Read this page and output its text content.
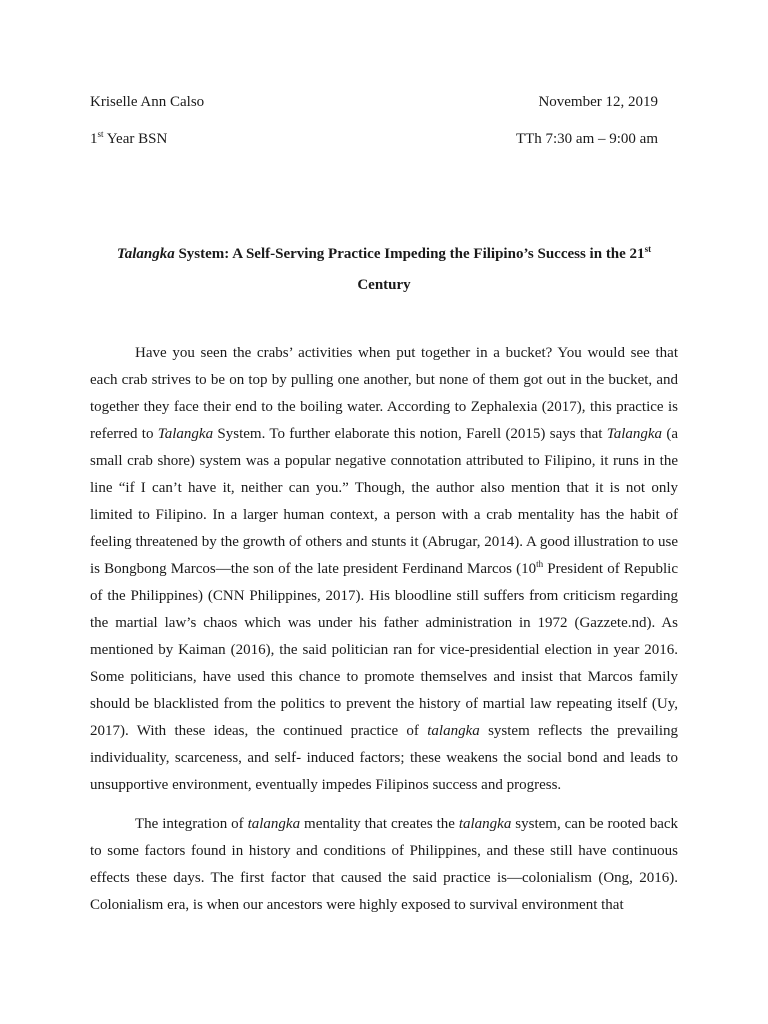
Kriselle Ann Calso	November 12, 2019
1st Year BSN	TTh 7:30 am – 9:00 am
Talangka System: A Self-Serving Practice Impeding the Filipino’s Success in the 21st Century

Have you seen the crabs’ activities when put together in a bucket? You would see that each crab strives to be on top by pulling one another, but none of them got out in the bucket, and together they face their end to the boiling water. According to Zephalexia (2017), this practice is referred to Talangka System. To further elaborate this notion, Farell (2015) says that Talangka (a small crab shore) system was a popular negative connotation attributed to Filipino, it runs in the line “if I can’t have it, neither can you.” Though, the author also mention that it is not only limited to Filipino. In a larger human context, a person with a crab mentality has the habit of feeling threatened by the growth of others and stunts it (Abrugar, 2014). A good illustration to use is Bongbong Marcos—the son of the late president Ferdinand Marcos (10th President of Republic of the Philippines) (CNN Philippines, 2017). His bloodline still suffers from criticism regarding the martial law’s chaos which was under his father administration in 1972 (Gazzete.nd). As mentioned by Kaiman (2016), the said politician ran for vice-presidential election in year 2016. Some politicians, have used this chance to promote themselves and insist that Marcos family should be blacklisted from the politics to prevent the history of martial law repeating itself (Uy, 2017). With these ideas, the continued practice of talangka system reflects the prevailing individuality, scarceness, and self- induced factors; these weakens the social bond and leads to unsupportive environment, eventually impedes Filipinos success and progress.

The integration of talangka mentality that creates the talangka system, can be rooted back to some factors found in history and conditions of Philippines, and these still have continuous effects these days. The first factor that caused the said practice is—colonialism (Ong, 2016). Colonialism era, is when our ancestors were highly exposed to survival environment that
